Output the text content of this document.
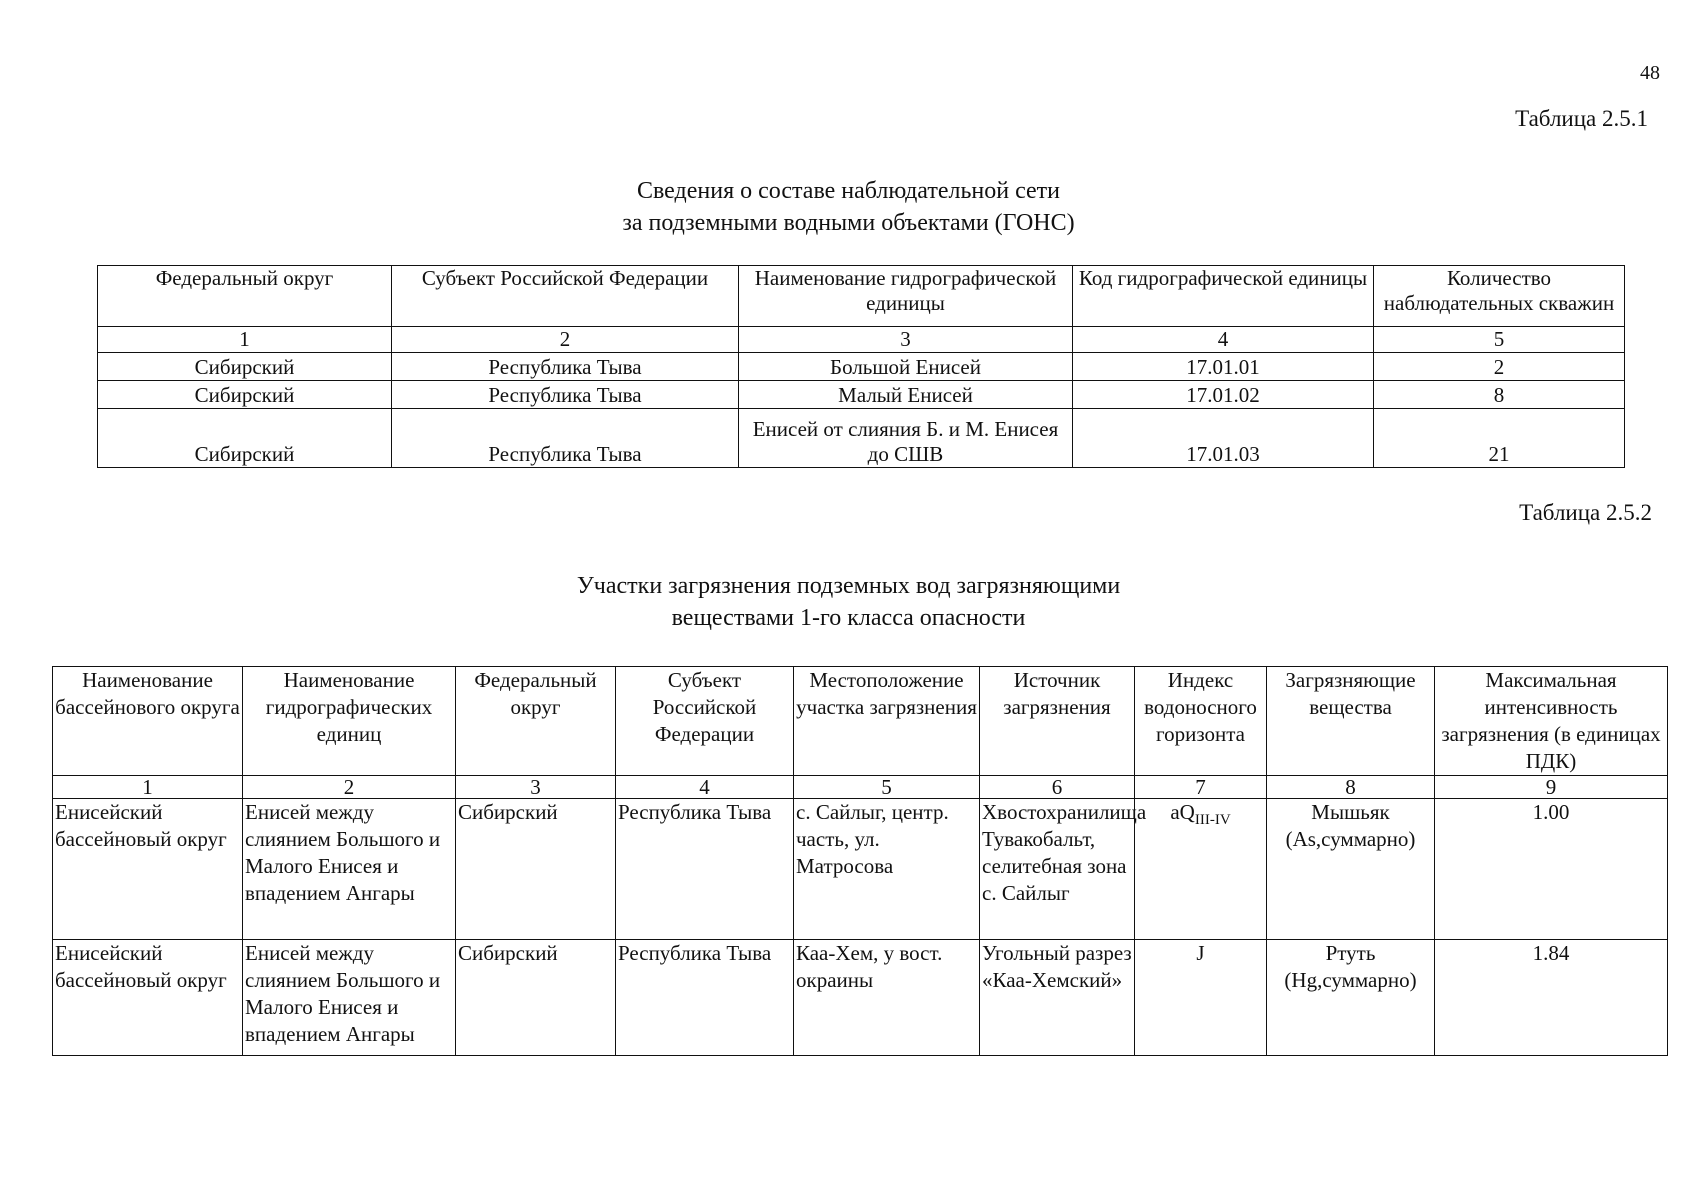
48
Таблица 2.5.1
Сведения о составе наблюдательной сети
за подземными водными объектами (ГОНС)
Федеральный округ	Субъект Российской Федерации	Наименование гидрографической единицы	Код гидрографической единицы	Количество наблюдательных скважин
1	2	3	4	5
Сибирский	Республика Тыва	Большой Енисей	17.01.01	2
Сибирский	Республика Тыва	Малый Енисей	17.01.02	8
Сибирский	Республика Тыва	Енисей от слияния Б. и М. Енисея до СШВ	17.01.03	21
Таблица 2.5.2
Участки загрязнения подземных вод загрязняющими
веществами 1-го класса опасности
Наименование бассейнового округа	Наименование гидрографических единиц	Федеральный округ	Субъект Российской Федерации	Местоположение участка загрязнения	Источник загрязнения	Индекс водоносного горизонта	Загрязняющие вещества	Максимальная интенсивность загрязнения (в единицах ПДК)
1	2	3	4	5	6	7	8	9
Енисейский бассейновый округ	Енисей между слиянием Большого и Малого Енисея и впадением Ангары	Сибирский	Республика Тыва	с. Сайлыг, центр. часть, ул. Матросова	Хвостохранилища Тувакобальт, селитебная зона с. Сайлыг	$aQ_{III-IV}$	Мышьяк (As,суммарно)	1.00
Енисейский бассейновый округ	Енисей между слиянием Большого и Малого Енисея и впадением Ангары	Сибирский	Республика Тыва	Каа-Хем, у вост. окраины	Угольный разрез «Каа-Хемский»	J	Ртуть (Hg,суммарно)	1.84
